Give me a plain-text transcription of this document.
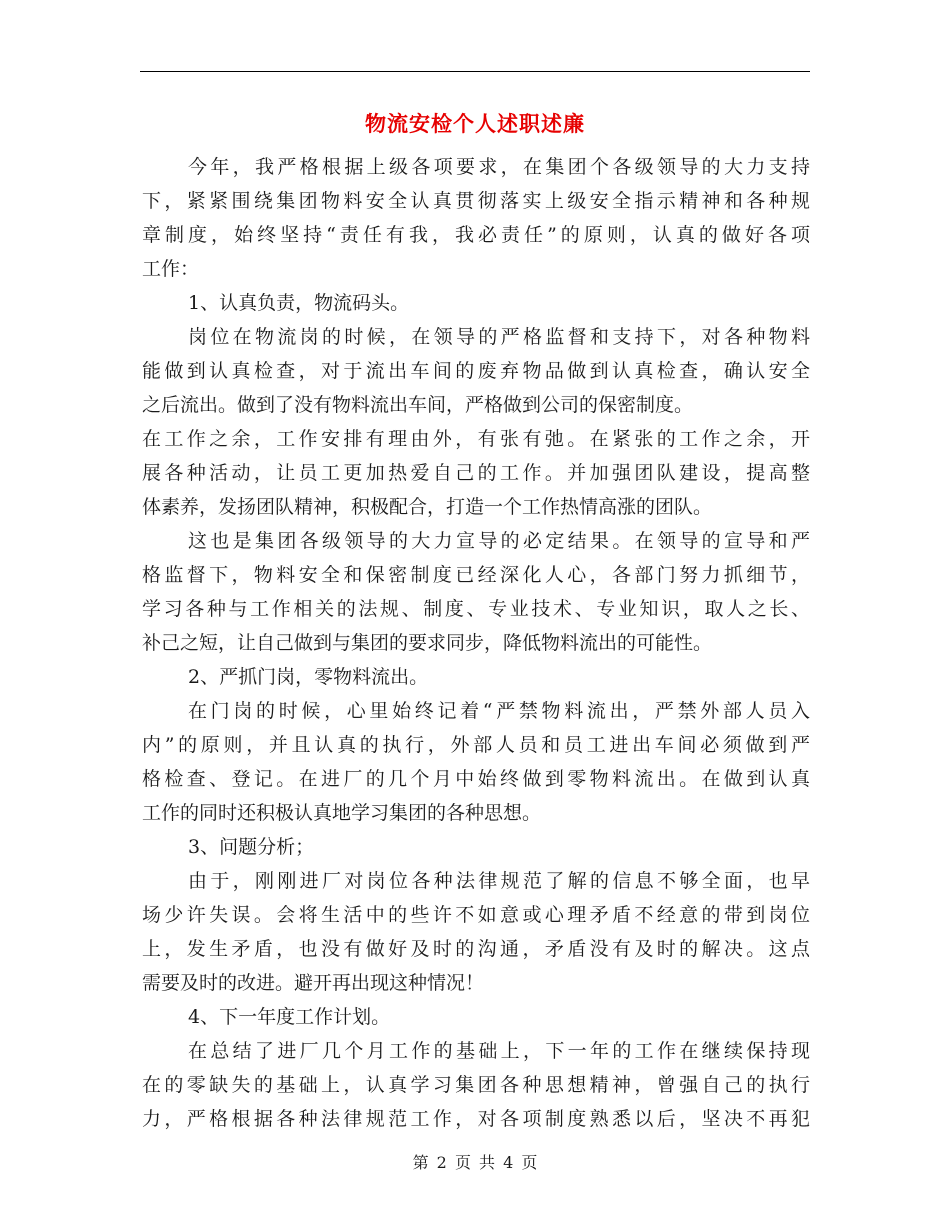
物流安检个人述职述廉
今年，我严格根据上级各项要求，在集团个各级领导的大力支持
下，紧紧围绕集团物料安全认真贯彻落实上级安全指示精神和各种规
章制度，始终坚持“责任有我，我必责任”的原则，认真的做好各项
工作：
1、认真负责，物流码头。
岗位在物流岗的时候，在领导的严格监督和支持下，对各种物料
能做到认真检查，对于流出车间的废弃物品做到认真检查，确认安全
之后流出。做到了没有物料流出车间，严格做到公司的保密制度。
在工作之余，工作安排有理由外，有张有弛。在紧张的工作之余，开
展各种活动，让员工更加热爱自己的工作。并加强团队建设，提高整
体素养，发扬团队精神，积极配合，打造一个工作热情高涨的团队。
这也是集团各级领导的大力宣导的必定结果。在领导的宣导和严
格监督下，物料安全和保密制度已经深化人心，各部门努力抓细节，
学习各种与工作相关的法规、制度、专业技术、专业知识，取人之长、
补己之短，让自己做到与集团的要求同步，降低物料流出的可能性。
2、严抓门岗，零物料流出。
在门岗的时候，心里始终记着“严禁物料流出，严禁外部人员入
内”的原则，并且认真的执行，外部人员和员工进出车间必须做到严
格检查、登记。在进厂的几个月中始终做到零物料流出。在做到认真
工作的同时还积极认真地学习集团的各种思想。
3、问题分析；
由于，刚刚进厂对岗位各种法律规范了解的信息不够全面，也早
场少许失误。会将生活中的些许不如意或心理矛盾不经意的带到岗位
上，发生矛盾，也没有做好及时的沟通，矛盾没有及时的解决。这点
需要及时的改进。避开再出现这种情况！
4、下一年度工作计划。
在总结了进厂几个月工作的基础上，下一年的工作在继续保持现
在的零缺失的基础上，认真学习集团各种思想精神，曾强自己的执行
力，严格根据各种法律规范工作，对各项制度熟悉以后，坚决不再犯
第 2 页 共 4 页
